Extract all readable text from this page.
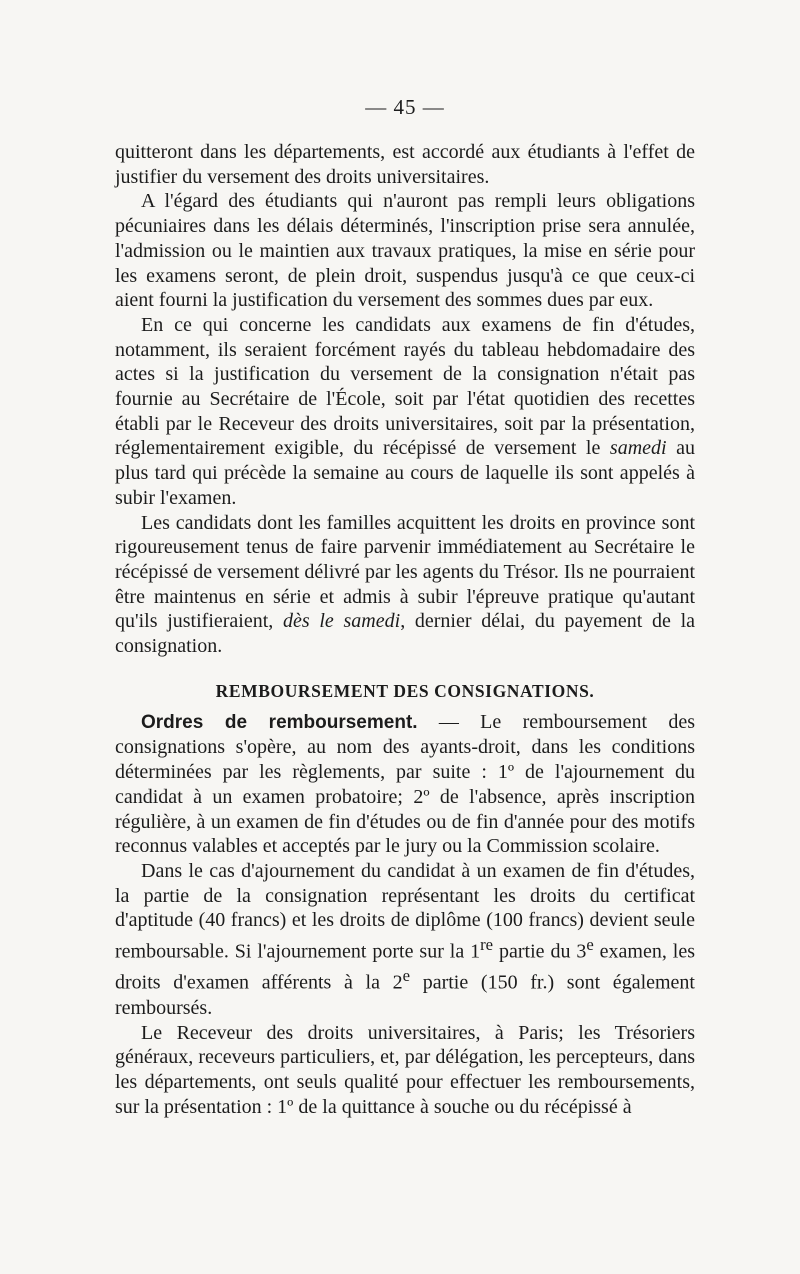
— 45 —

quitteront dans les départements, est accordé aux étudiants à l'effet de justifier du versement des droits universitaires.

A l'égard des étudiants qui n'auront pas rempli leurs obligations pécuniaires dans les délais déterminés, l'inscription prise sera annulée, l'admission ou le maintien aux travaux pratiques, la mise en série pour les examens seront, de plein droit, suspendus jusqu'à ce que ceux-ci aient fourni la justification du versement des sommes dues par eux.

En ce qui concerne les candidats aux examens de fin d'études, notamment, ils seraient forcément rayés du tableau hebdomadaire des actes si la justification du versement de la consignation n'était pas fournie au Secrétaire de l'École, soit par l'état quotidien des recettes établi par le Receveur des droits universitaires, soit par la présentation, réglementairement exigible, du récépissé de versement le samedi au plus tard qui précède la semaine au cours de laquelle ils sont appelés à subir l'examen.

Les candidats dont les familles acquittent les droits en province sont rigoureusement tenus de faire parvenir immédiatement au Secrétaire le récépissé de versement délivré par les agents du Trésor. Ils ne pourraient être maintenus en série et admis à subir l'épreuve pratique qu'autant qu'ils justifieraient, dès le samedi, dernier délai, du payement de la consignation.

REMBOURSEMENT DES CONSIGNATIONS.

Ordres de remboursement. — Le remboursement des consignations s'opère, au nom des ayants-droit, dans les conditions déterminées par les règlements, par suite : 1º de l'ajournement du candidat à un examen probatoire; 2º de l'absence, après inscription régulière, à un examen de fin d'études ou de fin d'année pour des motifs reconnus valables et acceptés par le jury ou la Commission scolaire.

Dans le cas d'ajournement du candidat à un examen de fin d'études, la partie de la consignation représentant les droits du certificat d'aptitude (40 francs) et les droits de diplôme (100 francs) devient seule remboursable. Si l'ajournement porte sur la 1re partie du 3e examen, les droits d'examen afférents à la 2e partie (150 fr.) sont également remboursés.

Le Receveur des droits universitaires, à Paris; les Trésoriers généraux, receveurs particuliers, et, par délégation, les percepteurs, dans les départements, ont seuls qualité pour effectuer les remboursements, sur la présentation : 1º de la quittance à souche ou du récépissé à
